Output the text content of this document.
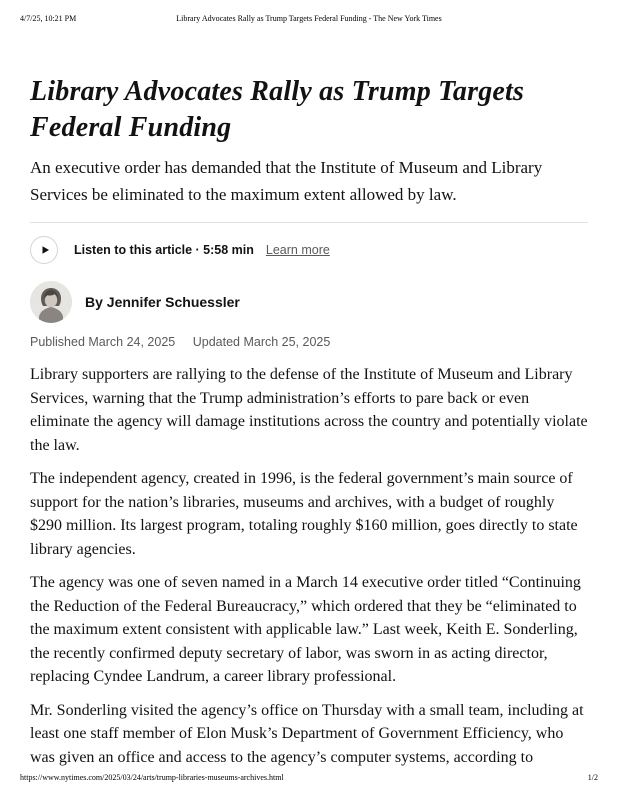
4/7/25, 10:21 PM	Library Advocates Rally as Trump Targets Federal Funding - The New York Times
Library Advocates Rally as Trump Targets Federal Funding

An executive order has demanded that the Institute of Museum and Library Services be eliminated to the maximum extent allowed by law.

Listen to this article · 5:58 min Learn more
By Jennifer Schuessler
Published March 24, 2025 Updated March 25, 2025

Library supporters are rallying to the defense of the Institute of Museum and Library Services, warning that the Trump administration’s efforts to pare back or even eliminate the agency will damage institutions across the country and potentially violate the law.

The independent agency, created in 1996, is the federal government’s main source of support for the nation’s libraries, museums and archives, with a budget of roughly $290 million. Its largest program, totaling roughly $160 million, goes directly to state library agencies.

The agency was one of seven named in a March 14 executive order titled “Continuing the Reduction of the Federal Bureaucracy,” which ordered that they be “eliminated to the maximum extent consistent with applicable law.” Last week, Keith E. Sonderling, the recently confirmed deputy secretary of labor, was sworn in as acting director, replacing Cyndee Landrum, a career library professional.

Mr. Sonderling visited the agency’s office on Thursday with a small team, including at least one staff member of Elon Musk’s Department of Government Efficiency, who was given an office and access to the agency’s computer systems, according to

https://www.nytimes.com/2025/03/24/arts/trump-libraries-museums-archives.html	1/2
